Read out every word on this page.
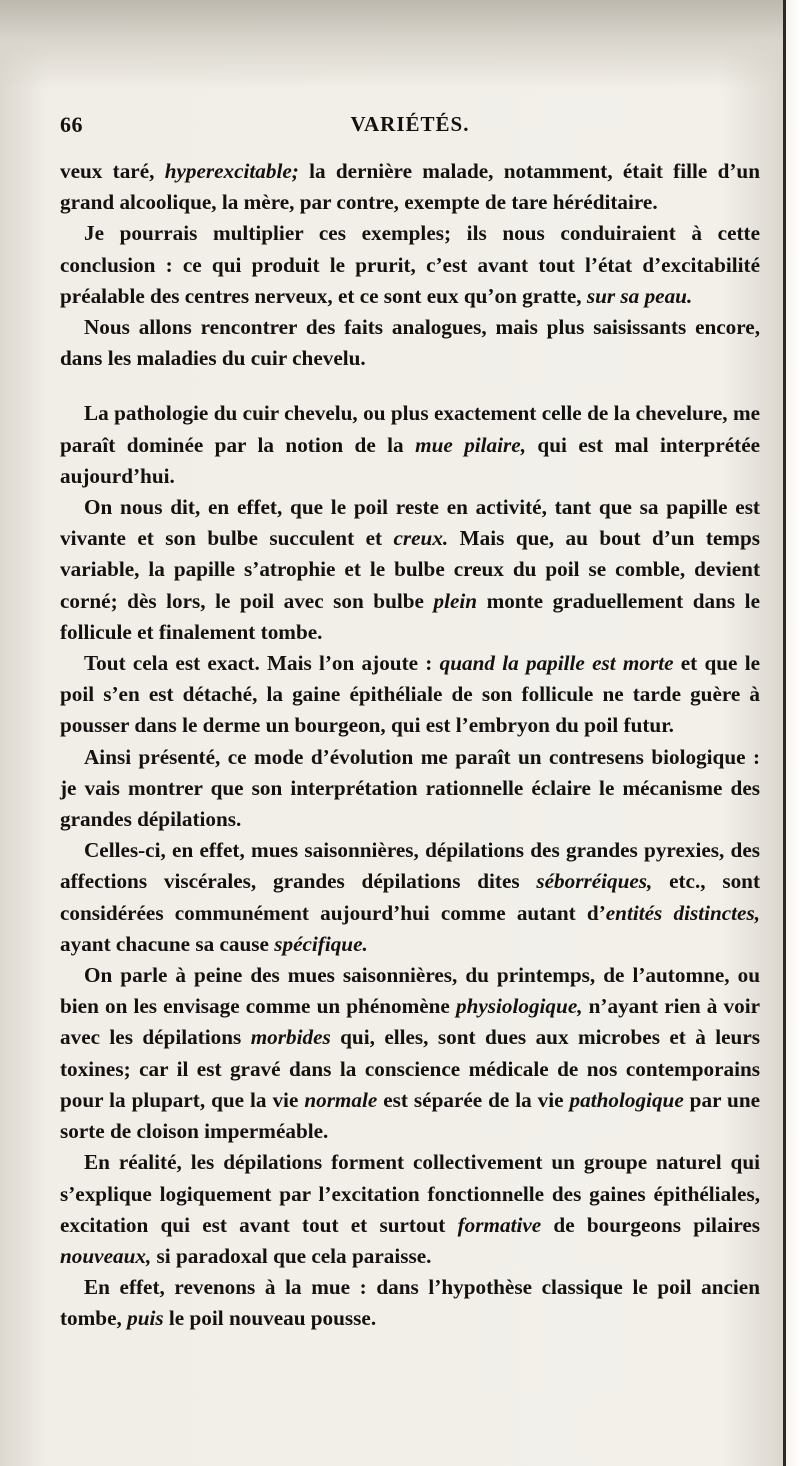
66	VARIÉTÉS.

veux taré, hyperexcitable; la dernière malade, notamment, était fille d’un grand alcoolique, la mère, par contre, exempte de tare héréditaire.

Je pourrais multiplier ces exemples; ils nous conduiraient à cette conclusion : ce qui produit le prurit, c’est avant tout l’état d’excitabilité préalable des centres nerveux, et ce sont eux qu’on gratte, sur sa peau.

Nous allons rencontrer des faits analogues, mais plus saisissants encore, dans les maladies du cuir chevelu.

La pathologie du cuir chevelu, ou plus exactement celle de la chevelure, me paraît dominée par la notion de la mue pilaire, qui est mal interprétée aujourd’hui.

On nous dit, en effet, que le poil reste en activité, tant que sa papille est vivante et son bulbe succulent et creux. Mais que, au bout d’un temps variable, la papille s’atrophie et le bulbe creux du poil se comble, devient corné; dès lors, le poil avec son bulbe plein monte graduellement dans le follicule et finalement tombe.

Tout cela est exact. Mais l’on ajoute : quand la papille est morte et que le poil s’en est détaché, la gaine épithéliale de son follicule ne tarde guère à pousser dans le derme un bourgeon, qui est l’embryon du poil futur.

Ainsi présenté, ce mode d’évolution me paraît un contresens biologique : je vais montrer que son interprétation rationnelle éclaire le mécanisme des grandes dépilations.

Celles-ci, en effet, mues saisonnières, dépilations des grandes pyrexies, des affections viscérales, grandes dépilations dites séborréiques, etc., sont considérées communément aujourd’hui comme autant d’entités distinctes, ayant chacune sa cause spécifique.

On parle à peine des mues saisonnières, du printemps, de l’automne, ou bien on les envisage comme un phénomène physiologique, n’ayant rien à voir avec les dépilations morbides qui, elles, sont dues aux microbes et à leurs toxines; car il est gravé dans la conscience médicale de nos contemporains pour la plupart, que la vie normale est séparée de la vie pathologique par une sorte de cloison imperméable.

En réalité, les dépilations forment collectivement un groupe naturel qui s’explique logiquement par l’excitation fonctionnelle des gaines épithéliales, excitation qui est avant tout et surtout formative de bourgeons pilaires nouveaux, si paradoxal que cela paraisse.

En effet, revenons à la mue : dans l’hypothèse classique le poil ancien tombe, puis le poil nouveau pousse.
